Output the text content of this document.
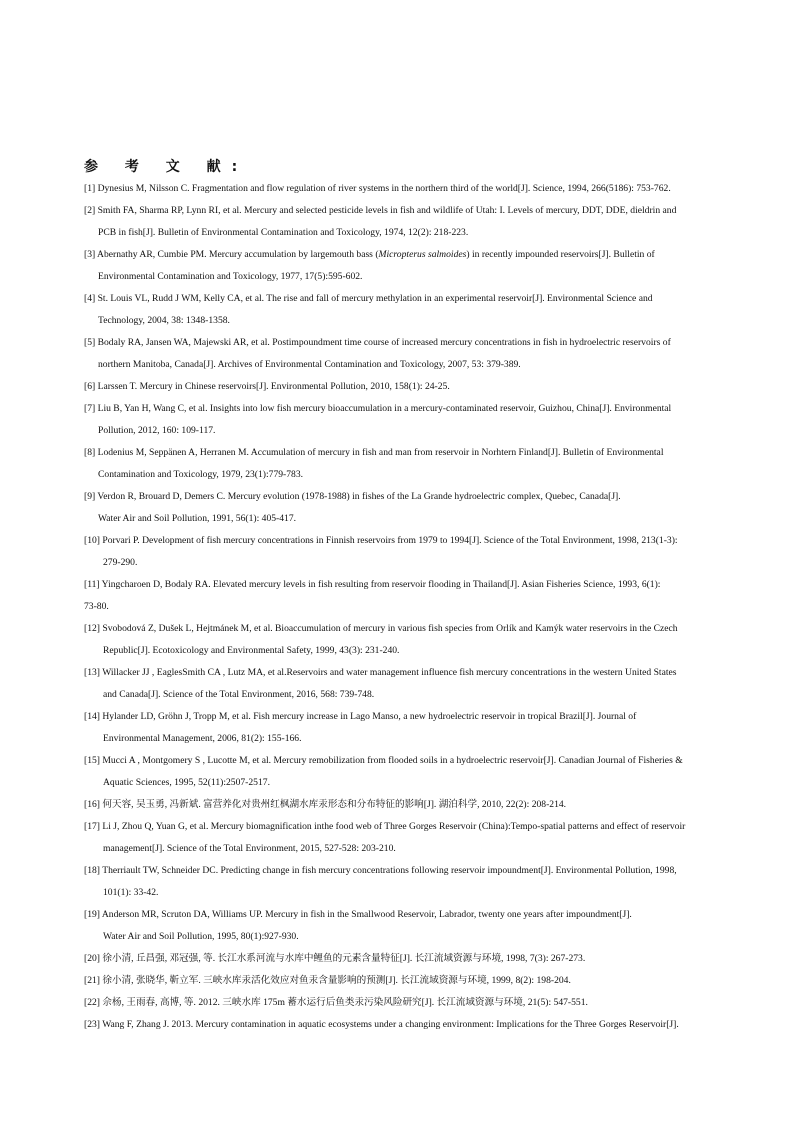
参 考 文 献:
[1] Dynesius M, Nilsson C. Fragmentation and flow regulation of river systems in the northern third of the world[J]. Science, 1994, 266(5186): 753-762.
[2] Smith FA, Sharma RP, Lynn RI, et al. Mercury and selected pesticide levels in fish and wildlife of Utah: I. Levels of mercury, DDT, DDE, dieldrin and
PCB in fish[J]. Bulletin of Environmental Contamination and Toxicology, 1974, 12(2): 218-223.
[3] Abernathy AR, Cumbie PM. Mercury accumulation by largemouth bass (Micropterus salmoides) in recently impounded reservoirs[J]. Bulletin of
Environmental Contamination and Toxicology, 1977, 17(5):595-602.
[4] St. Louis VL, Rudd J WM, Kelly CA, et al. The rise and fall of mercury methylation in an experimental reservoir[J]. Environmental Science and
Technology, 2004, 38: 1348-1358.
[5] Bodaly RA, Jansen WA, Majewski AR, et al. Postimpoundment time course of increased mercury concentrations in fish in hydroelectric reservoirs of
northern Manitoba, Canada[J]. Archives of Environmental Contamination and Toxicology, 2007, 53: 379-389.
[6] Larssen T. Mercury in Chinese reservoirs[J]. Environmental Pollution, 2010, 158(1): 24-25.
[7] Liu B, Yan H, Wang C, et al. Insights into low fish mercury bioaccumulation in a mercury-contaminated reservoir, Guizhou, China[J]. Environmental
Pollution, 2012, 160: 109-117.
[8] Lodenius M, Seppänen A, Herranen M. Accumulation of mercury in fish and man from reservoir in Norhtern Finland[J]. Bulletin of Environmental
Contamination and Toxicology, 1979, 23(1):779-783.
[9] Verdon R, Brouard D, Demers C. Mercury evolution (1978-1988) in fishes of the La Grande hydroelectric complex, Quebec, Canada[J].
Water Air and Soil Pollution, 1991, 56(1): 405-417.
[10] Porvari P. Development of fish mercury concentrations in Finnish reservoirs from 1979 to 1994[J]. Science of the Total Environment, 1998, 213(1-3):
279-290.
[11] Yingcharoen D, Bodaly RA. Elevated mercury levels in fish resulting from reservoir flooding in Thailand[J]. Asian Fisheries Science, 1993, 6(1):
73-80.
[12] Svobodová Z, Dušek L, Hejtmánek M, et al. Bioaccumulation of mercury in various fish species from Orlík and Kamýk water reservoirs in the Czech
Republic[J]. Ecotoxicology and Environmental Safety, 1999, 43(3): 231-240.
[13] Willacker JJ , EaglesSmith CA , Lutz MA, et al.Reservoirs and water management influence fish mercury concentrations in the western United States
and Canada[J]. Science of the Total Environment, 2016, 568: 739-748.
[14] Hylander LD, Gröhn J, Tropp M, et al. Fish mercury increase in Lago Manso, a new hydroelectric reservoir in tropical Brazil[J]. Journal of
Environmental Management, 2006, 81(2): 155-166.
[15] Mucci A , Montgomery S , Lucotte M, et al. Mercury remobilization from flooded soils in a hydroelectric reservoir[J]. Canadian Journal of Fisheries &
Aquatic Sciences, 1995, 52(11):2507-2517.
[16] 何天容, 吴玉勇, 冯新斌. 富营养化对贵州红枫湖水库汞形态和分布特征的影响[J]. 湖泊科学, 2010, 22(2): 208-214.
[17] Li J, Zhou Q, Yuan G, et al. Mercury biomagnification inthe food web of Three Gorges Reservoir (China):Tempo-spatial patterns and effect of reservoir
management[J]. Science of the Total Environment, 2015, 527-528: 203-210.
[18] Therriault TW, Schneider DC. Predicting change in fish mercury concentrations following reservoir impoundment[J]. Environmental Pollution, 1998,
101(1): 33-42.
[19] Anderson MR, Scruton DA, Williams UP. Mercury in fish in the Smallwood Reservoir, Labrador, twenty one years after impoundment[J].
Water Air and Soil Pollution, 1995, 80(1):927-930.
[20] 徐小清, 丘昌强, 邓冠强, 等. 长江水系河流与水库中鲤鱼的元素含量特征[J]. 长江流域资源与环境, 1998, 7(3): 267-273.
[21] 徐小清, 张晓华, 靳立军. 三峡水库汞活化效应对鱼汞含量影响的预测[J]. 长江流域资源与环境, 1999, 8(2): 198-204.
[22] 佘杨, 王雨春, 高博, 等. 2012. 三峡水库 175m 蓄水运行后鱼类汞污染风险研究[J]. 长江流域资源与环境, 21(5): 547-551.
[23] Wang F, Zhang J. 2013. Mercury contamination in aquatic ecosystems under a changing environment: Implications for the Three Gorges Reservoir[J].
